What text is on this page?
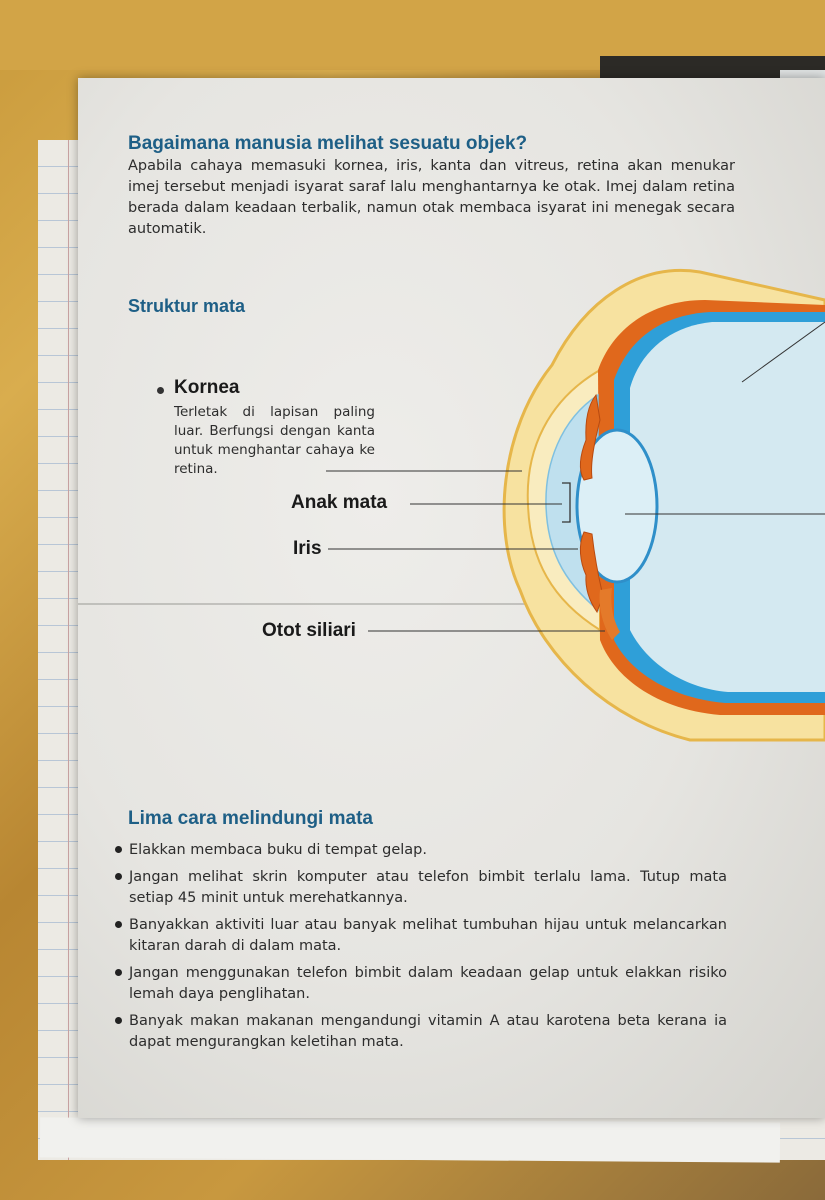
Bagaimana manusia melihat sesuatu objek?

Apabila cahaya memasuki kornea, iris, kanta dan vitreus, retina akan menukar imej tersebut menjadi isyarat saraf lalu menghantarnya ke otak. Imej dalam retina berada dalam keadaan terbalik, namun otak membaca isyarat ini menegak secara automatik.

Struktur mata
Kornea
Terletak di lapisan paling luar. Berfungsi dengan kanta untuk menghantar cahaya ke retina.
Anak mata
Iris
Otot siliari
Lima cara melindungi mata
Elakkan membaca buku di tempat gelap.
Jangan melihat skrin komputer atau telefon bimbit terlalu lama. Tutup mata setiap 45 minit untuk merehatkannya.
Banyakkan aktiviti luar atau banyak melihat tumbuhan hijau untuk melancarkan kitaran darah di dalam mata.
Jangan menggunakan telefon bimbit dalam keadaan gelap untuk elakkan risiko lemah daya penglihatan.
Banyak makan makanan mengandungi vitamin A atau karotena beta kerana ia dapat mengurangkan keletihan mata.
